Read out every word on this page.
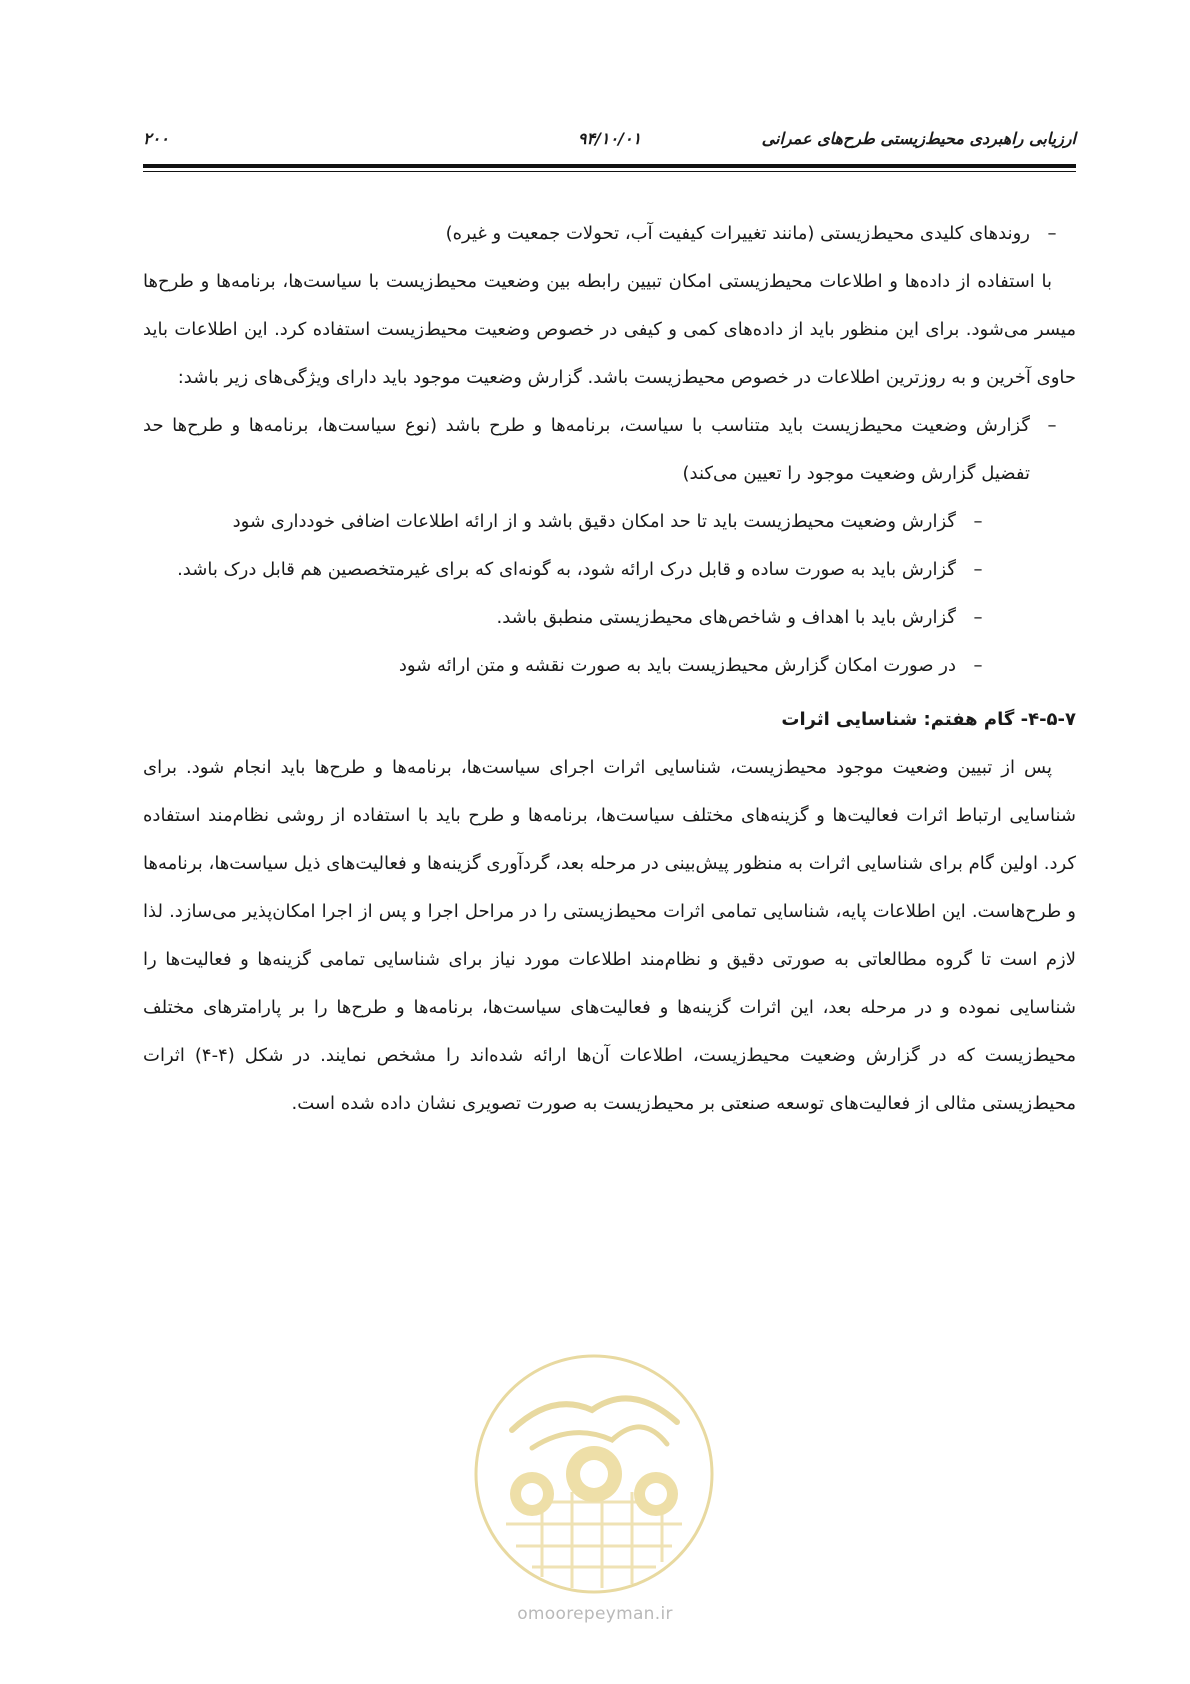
ارزیابی راهبردی محیط‌زیستی طرح‌های عمرانی
۹۴/۱۰/۰۱
۲۰۰

–
روندهای کلیدی محیط‌زیستی (مانند تغییرات کیفیت آب، تحولات جمعیت و غیره)

با استفاده از داده‌ها و اطلاعات محیط‌زیستی امکان تبیین رابطه بین وضعیت محیط‌زیست با سیاست‌ها، برنامه‌ها و طرح‌ها میسر می‌شود. برای این منظور باید از داده‌های کمی و کیفی در خصوص وضعیت محیط‌زیست استفاده کرد. این اطلاعات باید حاوی آخرین و به روزترین اطلاعات در خصوص محیط‌زیست باشد. گزارش وضعیت موجود باید دارای ویژگی‌های زیر باشد:

–
گزارش وضعیت محیط‌زیست باید متناسب با سیاست، برنامه‌ها و طرح باشد (نوع سیاست‌ها، برنامه‌ها و طرح‌ها حد تفضیل گزارش وضعیت موجود را تعیین می‌کند)

–
گزارش وضعیت محیط‌زیست باید تا حد امکان دقیق باشد و از ارائه اطلاعات اضافی خودداری شود

–
گزارش باید به صورت ساده و قابل درک ارائه شود، به گونه‌ای که برای غیرمتخصصین هم قابل درک باشد.

–
گزارش باید با اهداف و شاخص‌های محیط‌زیستی منطبق باشد.

–
در صورت امکان گزارش محیط‌زیست باید به صورت نقشه و متن ارائه شود

۴-۵-۷- گام هفتم: شناسایی اثرات

پس از تبیین وضعیت موجود محیط‌زیست، شناسایی اثرات اجرای سیاست‌ها، برنامه‌ها و طرح‌ها باید انجام شود. برای شناسایی ارتباط اثرات فعالیت‌ها و گزینه‌های مختلف سیاست‌ها، برنامه‌ها و طرح باید با استفاده از روشی نظام‌مند استفاده کرد. اولین گام برای شناسایی اثرات به منظور پیش‌بینی در مرحله بعد، گردآوری گزینه‌ها و فعالیت‌های ذیل سیاست‌ها، برنامه‌ها و طرح‌هاست. این اطلاعات پایه، شناسایی تمامی اثرات محیط‌زیستی را در مراحل اجرا و پس از اجرا امکان‌پذیر می‌سازد. لذا لازم است تا گروه مطالعاتی به صورتی دقیق و نظام‌مند اطلاعات مورد نیاز برای شناسایی تمامی گزینه‌ها و فعالیت‌ها را شناسایی نموده و در مرحله بعد، این اثرات گزینه‌ها و فعالیت‌های سیاست‌ها، برنامه‌ها و طرح‌ها را بر پارامترهای مختلف محیط‌زیست که در گزارش وضعیت محیط‌زیست، اطلاعات آن‌ها ارائه شده‌اند را مشخص نمایند. در شکل (۴-۴) اثرات محیط‌زیستی مثالی از فعالیت‌های توسعه صنعتی بر محیط‌زیست به صورت تصویری نشان داده شده است.

omoorepeyman.ir
